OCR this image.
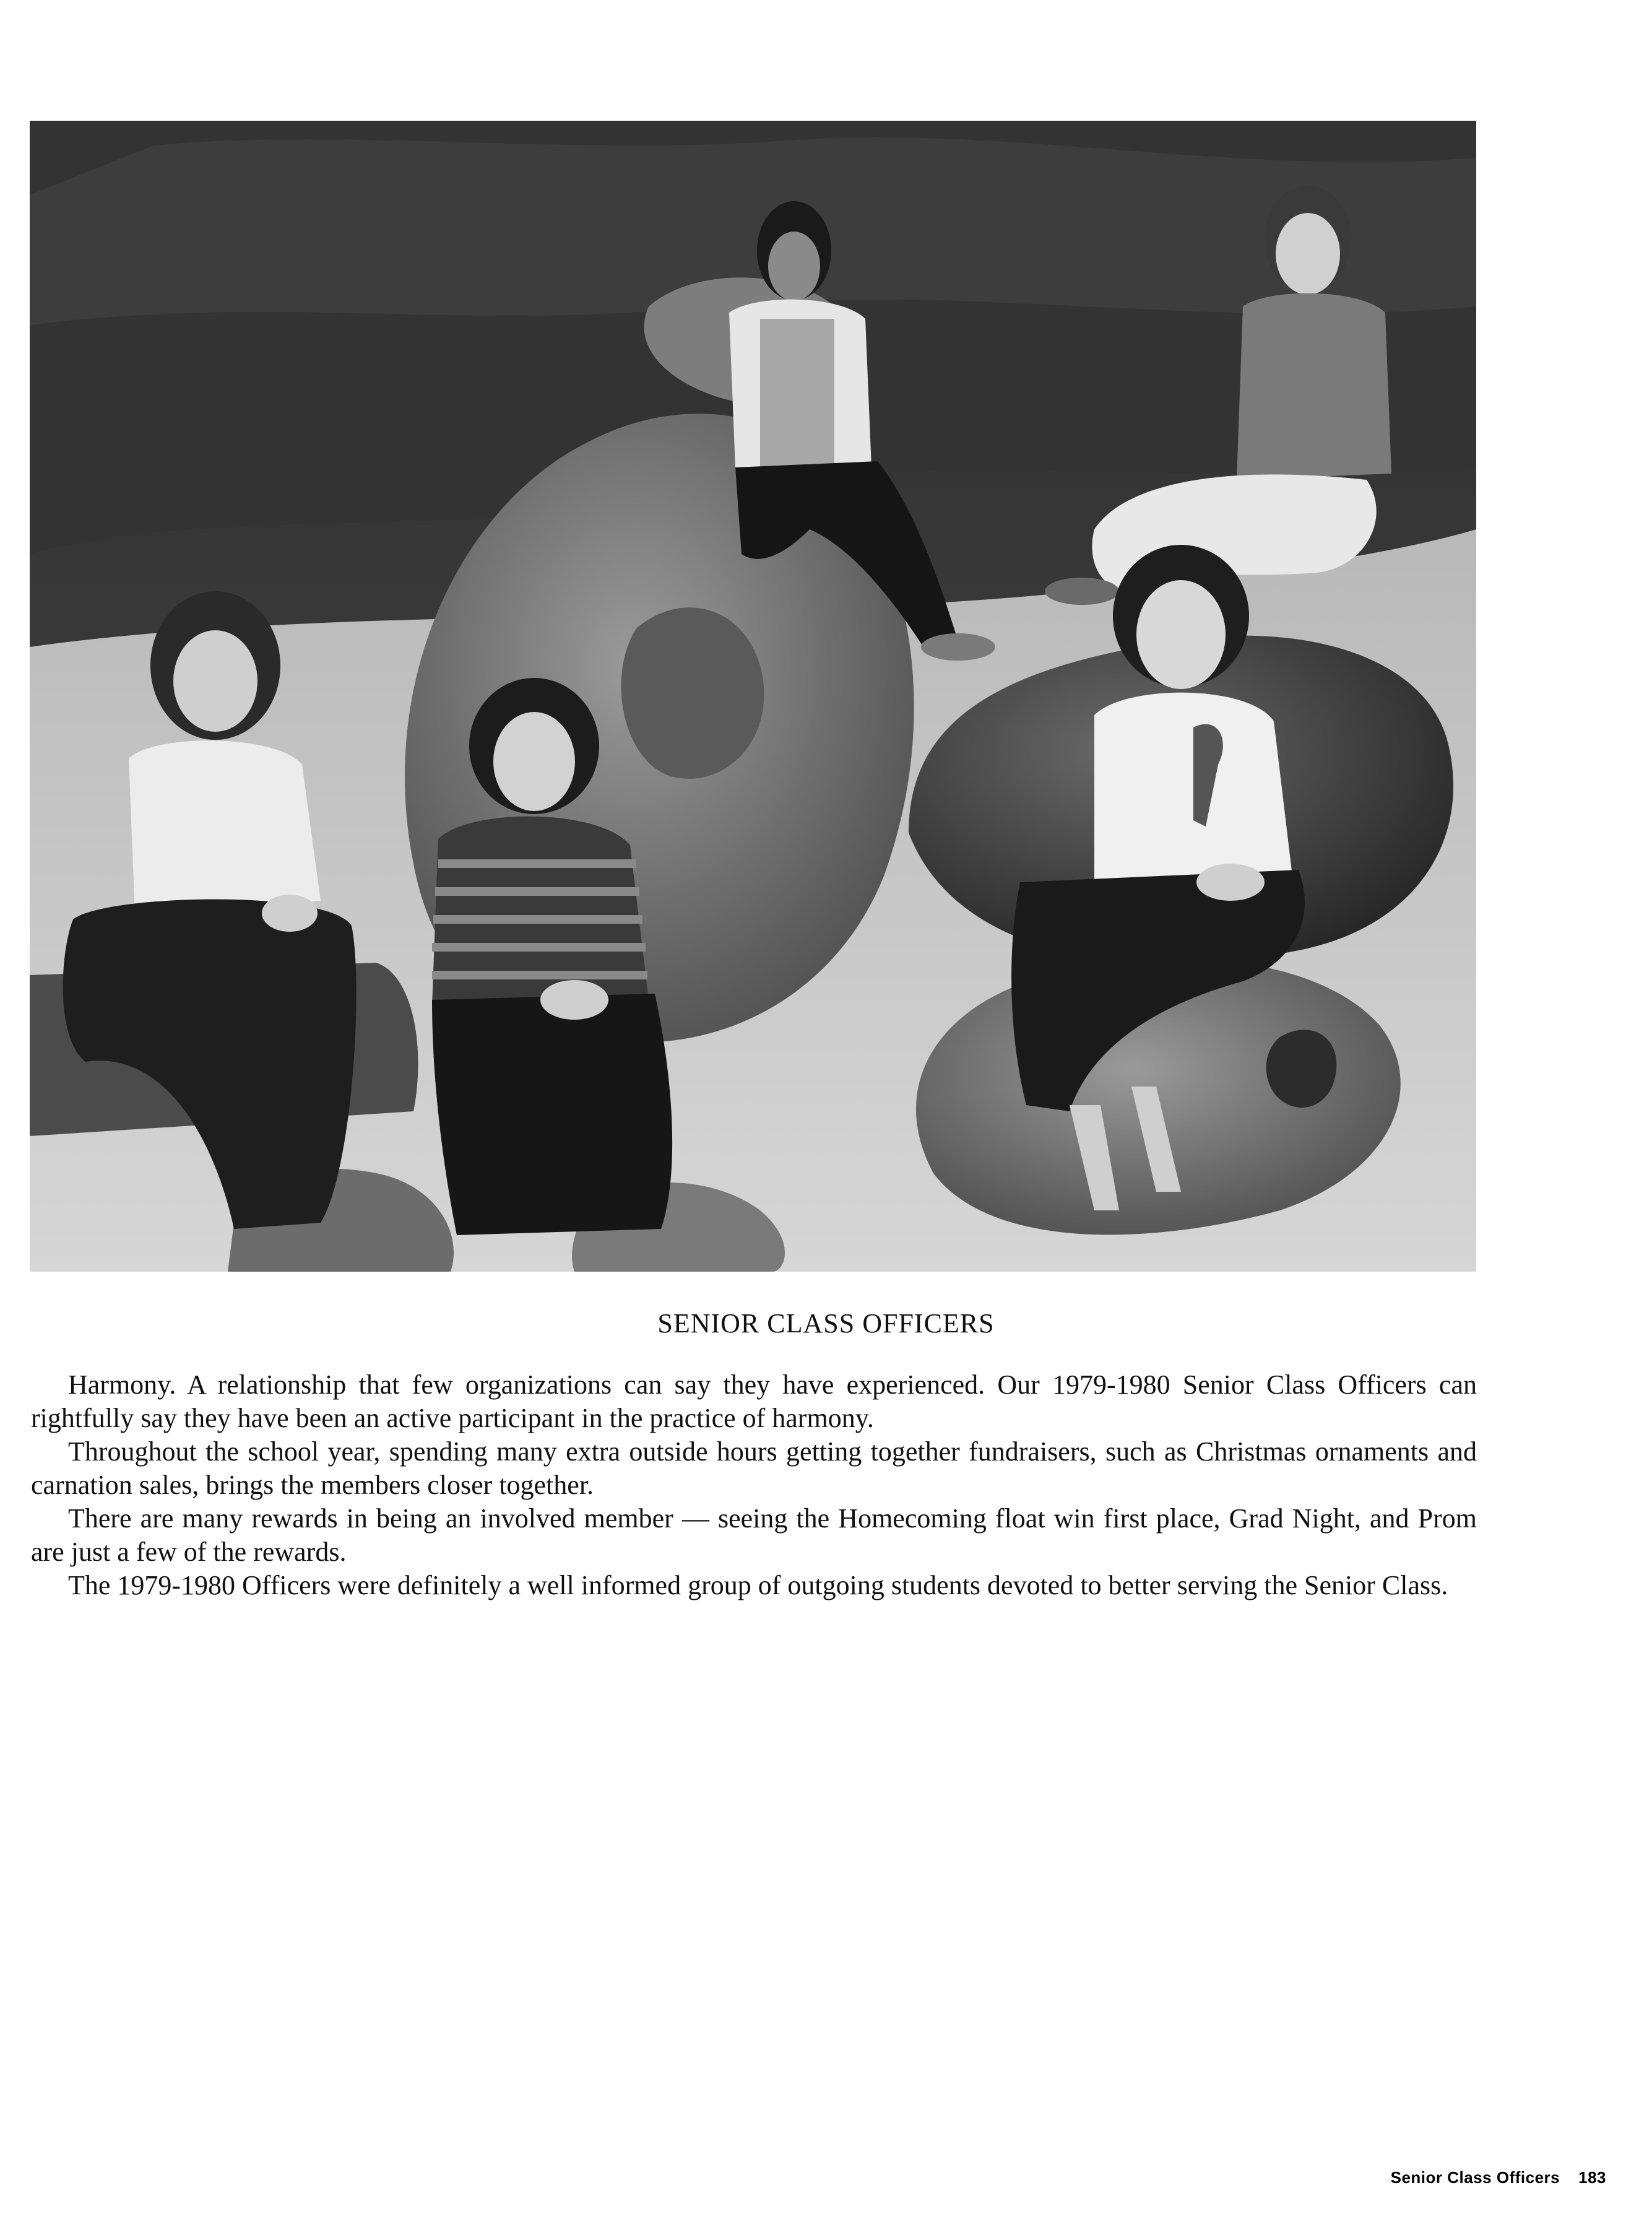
SENIOR CLASS OFFICERS

Harmony. A relationship that few organizations can say they have experienced. Our 1979-1980 Senior Class Officers can rightfully say they have been an active participant in the practice of harmony.

Throughout the school year, spending many extra outside hours getting together fundraisers, such as Christmas ornaments and carnation sales, brings the members closer together.

There are many rewards in being an involved member — seeing the Homecoming float win first place, Grad Night, and Prom are just a few of the rewards.

The 1979-1980 Officers were definitely a well informed group of outgoing students devoted to better serving the Senior Class.

Senior Class Officers 183
